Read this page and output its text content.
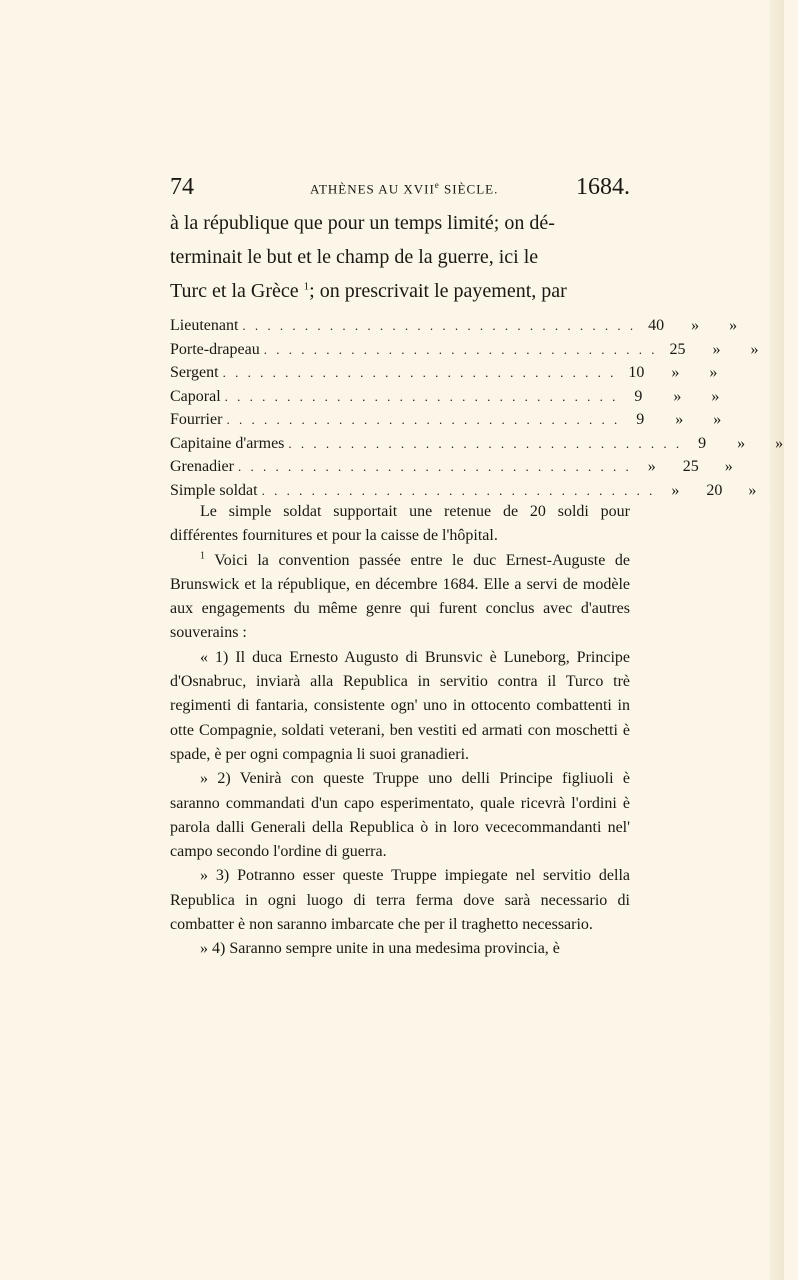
74	ATHÈNES AU XVIIe SIÈCLE.	1684.

à la république que pour un temps limité; on dé-

terminait le but et le champ de la guerre, ici le

Turc et la Grèce $^1$; on prescrivait le payement, par

Lieutenant . . . . . . . . . . . . . . . . . . . . . . . . . . . . . . . . 40	»	»
Porte-drapeau . . . . . . . . . . . . . . . . . . . . . . . . . . . . . . . . 25	»	»
Sergent . . . . . . . . . . . . . . . . . . . . . . . . . . . . . . . . 10	»	»
Caporal . . . . . . . . . . . . . . . . . . . . . . . . . . . . . . . .	9	»	»
Fourrier . . . . . . . . . . . . . . . . . . . . . . . . . . . . . . . .	9	»	»
Capitaine d'armes . . . . . . . . . . . . . . . . . . . . . . . . . . . . . . . .	9	»	»
Grenadier . . . . . . . . . . . . . . . . . . . . . . . . . . . . . . . .	»	25	»
Simple soldat . . . . . . . . . . . . . . . . . . . . . . . . . . . . . . . .	»	20	»

Le simple soldat supportait une retenue de 20 soldi pour différentes fournitures et pour la caisse de l'hôpital.

$^1$ Voici la convention passée entre le duc Ernest-Auguste de Brunswick et la république, en décembre 1684. Elle a servi de modèle aux engagements du même genre qui furent conclus avec d'autres souverains :

« 1) Il duca Ernesto Augusto di Brunsvic è Luneborg, Principe d'Osnabruc, inviarà alla Republica in servitio contra il Turco trè regimenti di fantaria, consistente ogn' uno in ottocento combattenti in otte Compagnie, soldati veterani, ben vestiti ed armati con moschetti è spade, è per ogni compagnia li suoi granadieri.

» 2) Venirà con queste Truppe uno delli Principe figliuoli è saranno commandati d'un capo esperimentato, quale ricevrà l'ordini è parola dalli Generali della Republica ò in loro vececommandanti nel' campo secondo l'ordine di guerra.

» 3) Potranno esser queste Truppe impiegate nel servitio della Republica in ogni luogo di terra ferma dove sarà necessario di combatter è non saranno imbarcate che per il traghetto necessario.

» 4) Saranno sempre unite in una medesima provincia, è
